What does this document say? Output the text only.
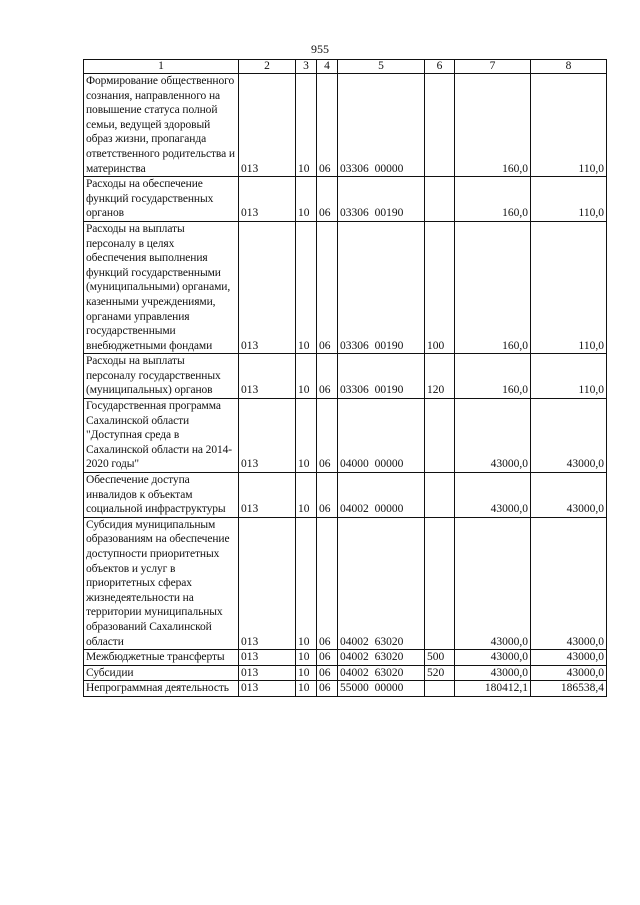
955
1	2	3	4	5	6	7	8
Формирование общественного сознания, направленного на повышение статуса полной семьи, ведущей здоровый образ жизни, пропаганда ответственного родительства и материнства	013	10	06	03306 00000		160,0	110,0
Расходы на обеспечение функций государственных органов	013	10	06	03306 00190		160,0	110,0
Расходы на выплаты персоналу в целях обеспечения выполнения функций государственными (муниципальными) органами, казенными учреждениями, органами управления государственными внебюджетными фондами	013	10	06	03306 00190	100	160,0	110,0
Расходы на выплаты персоналу государственных (муниципальных) органов	013	10	06	03306 00190	120	160,0	110,0
Государственная программа Сахалинской области "Доступная среда в Сахалинской области на 2014-2020 годы"	013	10	06	04000 00000		43000,0	43000,0
Обеспечение доступа инвалидов к объектам социальной инфраструктуры	013	10	06	04002 00000		43000,0	43000,0
Субсидия муниципальным образованиям на обеспечение доступности приоритетных объектов и услуг в приоритетных сферах жизнедеятельности на территории муниципальных образований Сахалинской области	013	10	06	04002 63020		43000,0	43000,0
Межбюджетные трансферты	013	10	06	04002 63020	500	43000,0	43000,0
Субсидии	013	10	06	04002 63020	520	43000,0	43000,0
Непрограммная деятельность	013	10	06	55000 00000		180412,1	186538,4
